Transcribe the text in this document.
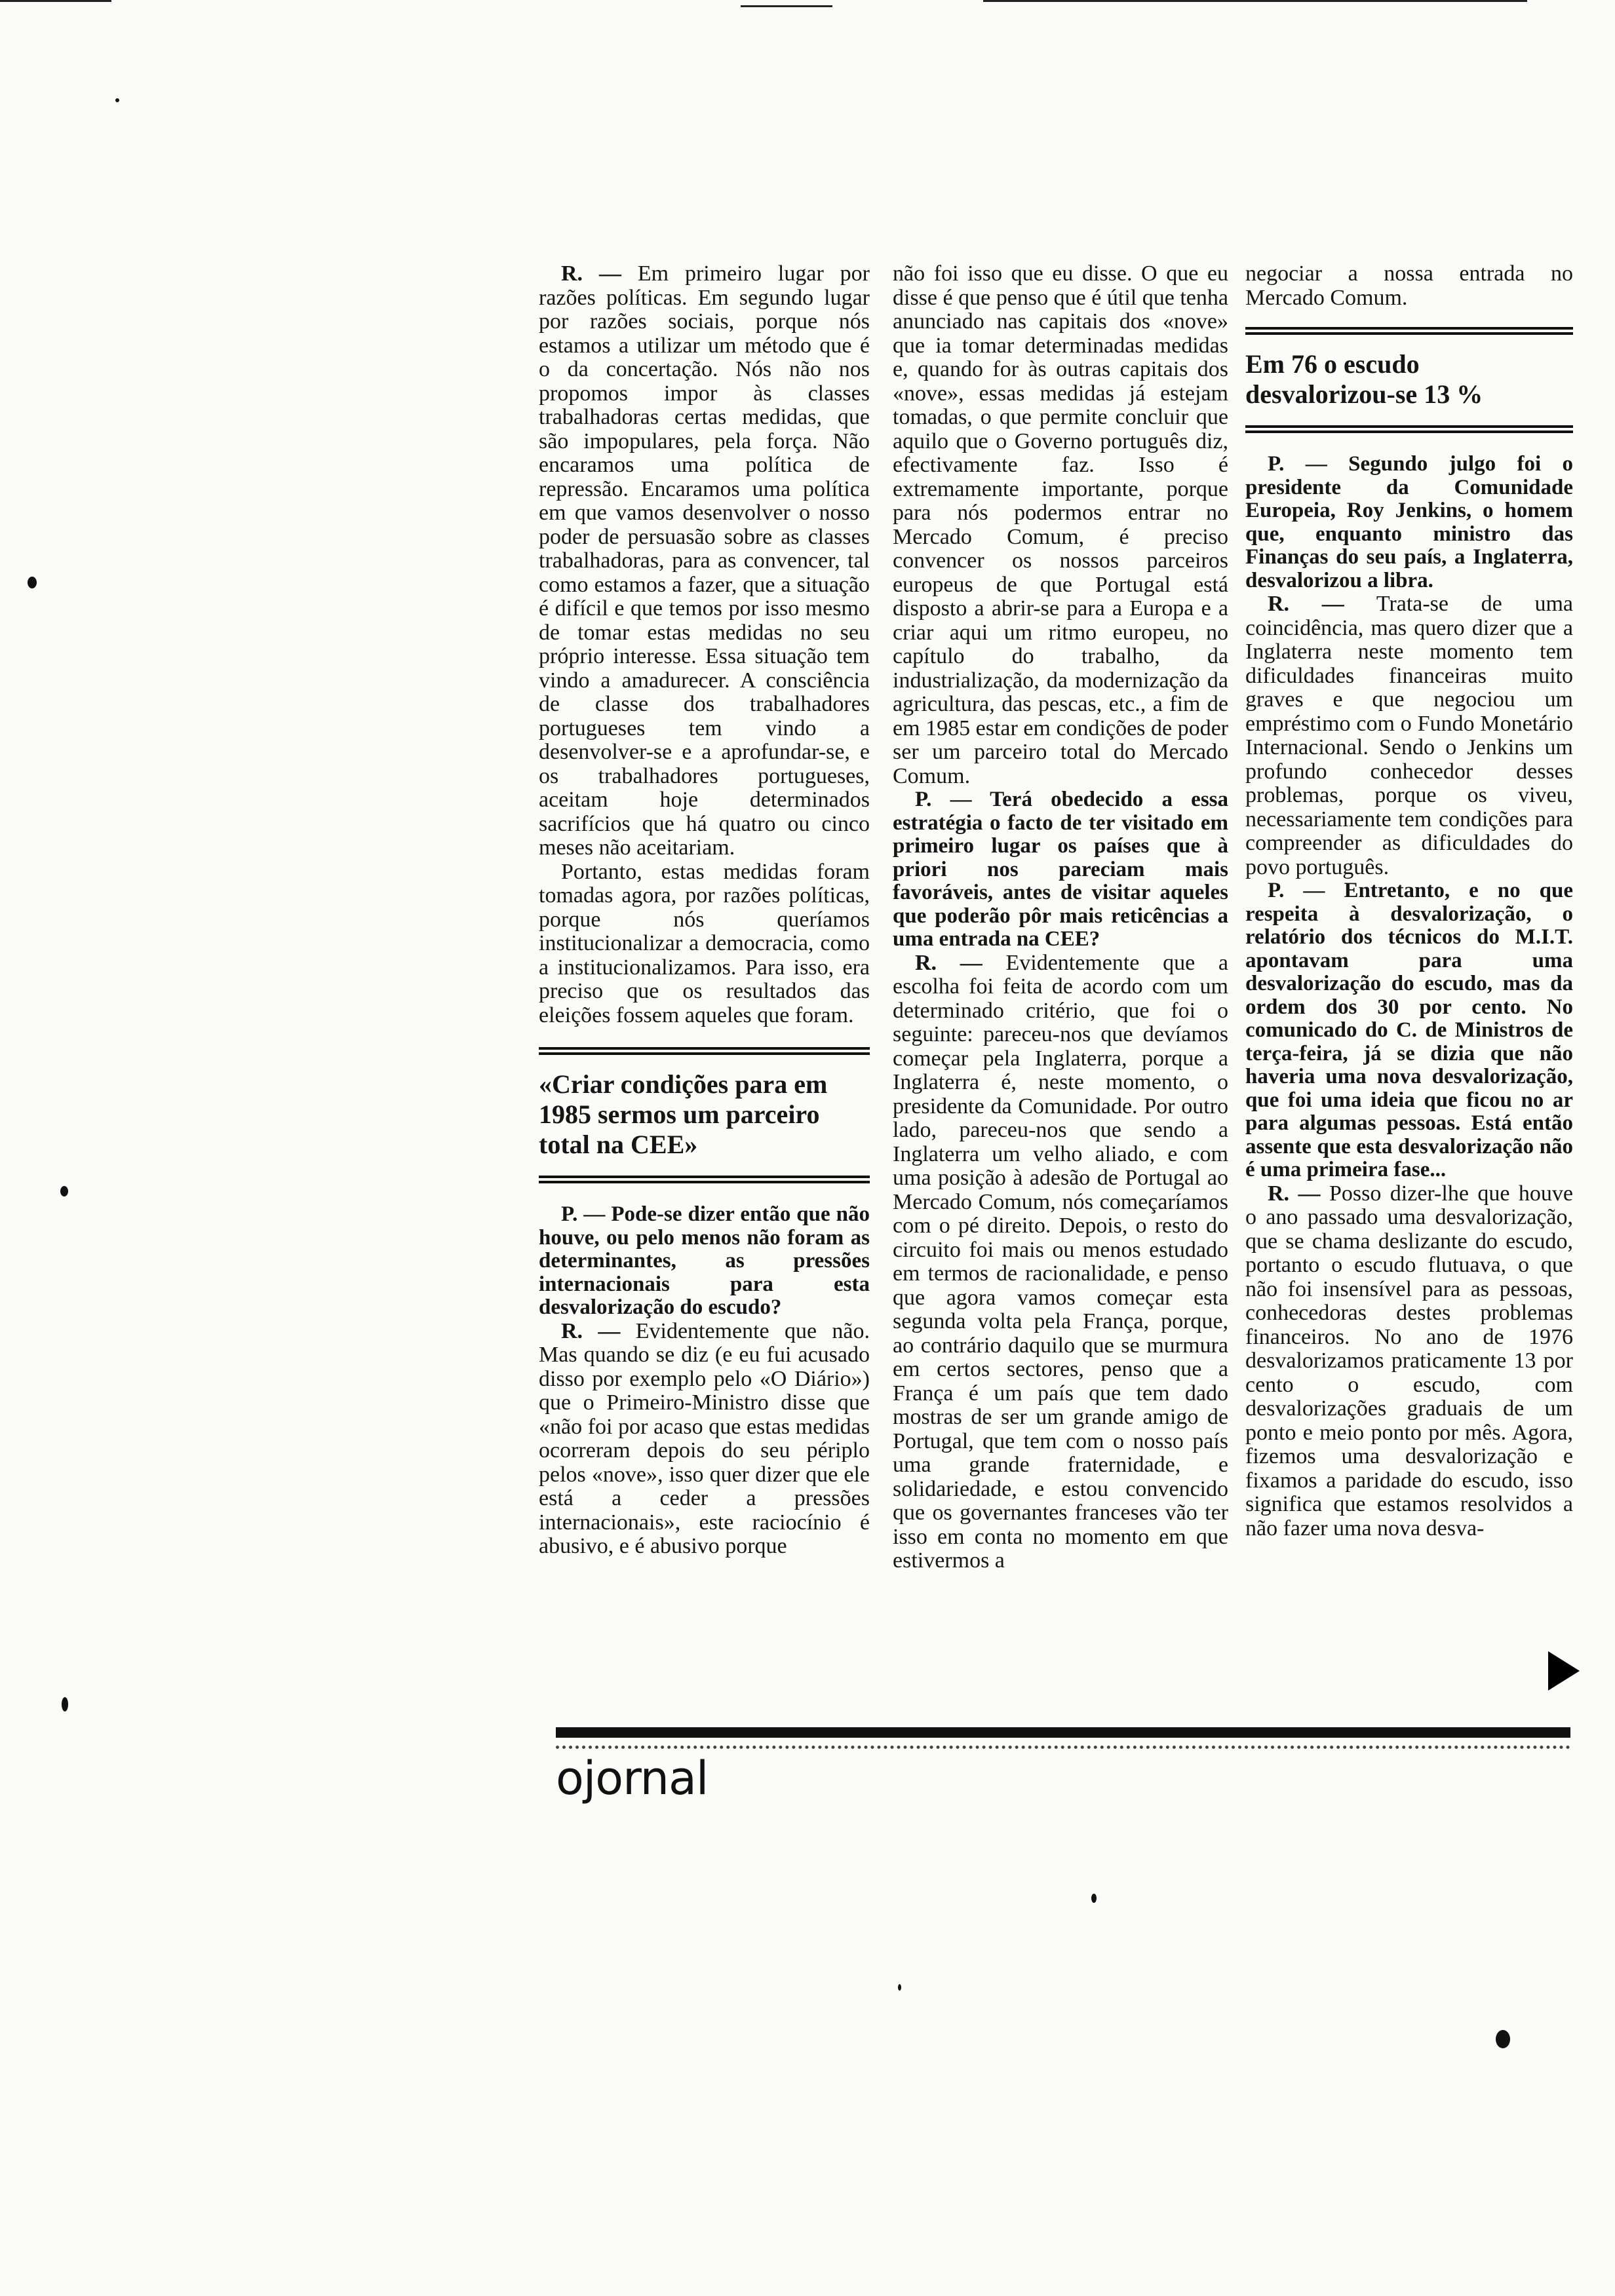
R. — Em primeiro lugar por razões políticas. Em segundo lugar por razões sociais, porque nós estamos a utilizar um método que é o da concertação. Nós não nos propomos impor às classes trabalhadoras certas medidas, que são impopulares, pela força. Não encaramos uma política de repressão. Encaramos uma política em que vamos desenvolver o nosso poder de persuasão sobre as classes trabalhadoras, para as convencer, tal como estamos a fazer, que a situação é difícil e que temos por isso mesmo de tomar estas medidas no seu próprio interesse. Essa situação tem vindo a amadurecer. A consciência de classe dos trabalhadores portugueses tem vindo a desenvolver-se e a aprofundar-se, e os trabalhadores portugueses, aceitam hoje determinados sacrifícios que há quatro ou cinco meses não aceitariam.

Portanto, estas medidas foram tomadas agora, por razões políticas, porque nós queríamos institucionalizar a democracia, como a institucionalizamos. Para isso, era preciso que os resultados das eleições fossem aqueles que foram.

«Criar condições para em 1985 sermos um parceiro total na CEE»

P. — Pode-se dizer então que não houve, ou pelo menos não foram as determinantes, as pressões internacionais para esta desvalorização do escudo?

R. — Evidentemente que não. Mas quando se diz (e eu fui acusado disso por exemplo pelo «O Diário») que o Primeiro-Ministro disse que «não foi por acaso que estas medidas ocorreram depois do seu périplo pelos «nove», isso quer dizer que ele está a ceder a pressões internacionais», este raciocínio é abusivo, e é abusivo porque

não foi isso que eu disse. O que eu disse é que penso que é útil que tenha anunciado nas capitais dos «nove» que ia tomar determinadas medidas e, quando for às outras capitais dos «nove», essas medidas já estejam tomadas, o que permite concluir que aquilo que o Governo português diz, efectivamente faz. Isso é extremamente importante, porque para nós podermos entrar no Mercado Comum, é preciso convencer os nossos parceiros europeus de que Portugal está disposto a abrir-se para a Europa e a criar aqui um ritmo europeu, no capítulo do trabalho, da industrialização, da modernização da agricultura, das pescas, etc., a fim de em 1985 estar em condições de poder ser um parceiro total do Mercado Comum.

P. — Terá obedecido a essa estratégia o facto de ter visitado em primeiro lugar os países que à priori nos pareciam mais favoráveis, antes de visitar aqueles que poderão pôr mais reticências a uma entrada na CEE?

R. — Evidentemente que a escolha foi feita de acordo com um determinado critério, que foi o seguinte: pareceu-nos que devíamos começar pela Inglaterra, porque a Inglaterra é, neste momento, o presidente da Comunidade. Por outro lado, pareceu-nos que sendo a Inglaterra um velho aliado, e com uma posição à adesão de Portugal ao Mercado Comum, nós começaríamos com o pé direito. Depois, o resto do circuito foi mais ou menos estudado em termos de racionalidade, e penso que agora vamos começar esta segunda volta pela França, porque, ao contrário daquilo que se murmura em certos sectores, penso que a França é um país que tem dado mostras de ser um grande amigo de Portugal, que tem com o nosso país uma grande fraternidade, e solidariedade, e estou convencido que os governantes franceses vão ter isso em conta no momento em que estivermos a

negociar a nossa entrada no Mercado Comum.

Em 76 o escudo desvalorizou-se 13 %

P. — Segundo julgo foi o presidente da Comunidade Europeia, Roy Jenkins, o homem que, enquanto ministro das Finanças do seu país, a Inglaterra, desvalorizou a libra.

R. — Trata-se de uma coincidência, mas quero dizer que a Inglaterra neste momento tem dificuldades financeiras muito graves e que negociou um empréstimo com o Fundo Monetário Internacional. Sendo o Jenkins um profundo conhecedor desses problemas, porque os viveu, necessariamente tem condições para compreender as dificuldades do povo português.

P. — Entretanto, e no que respeita à desvalorização, o relatório dos técnicos do M.I.T. apontavam para uma desvalorização do escudo, mas da ordem dos 30 por cento. No comunicado do C. de Ministros de terça-feira, já se dizia que não haveria uma nova desvalorização, que foi uma ideia que ficou no ar para algumas pessoas. Está então assente que esta desvalorização não é uma primeira fase...

R. — Posso dizer-lhe que houve o ano passado uma desvalorização, que se chama deslizante do escudo, portanto o escudo flutuava, o que não foi insensível para as pessoas, conhecedoras destes problemas financeiros. No ano de 1976 desvalorizamos praticamente 13 por cento o escudo, com desvalorizações graduais de um ponto e meio ponto por mês. Agora, fizemos uma desvalorização e fixamos a paridade do escudo, isso significa que estamos resolvidos a não fazer uma nova desva-

ojornal
